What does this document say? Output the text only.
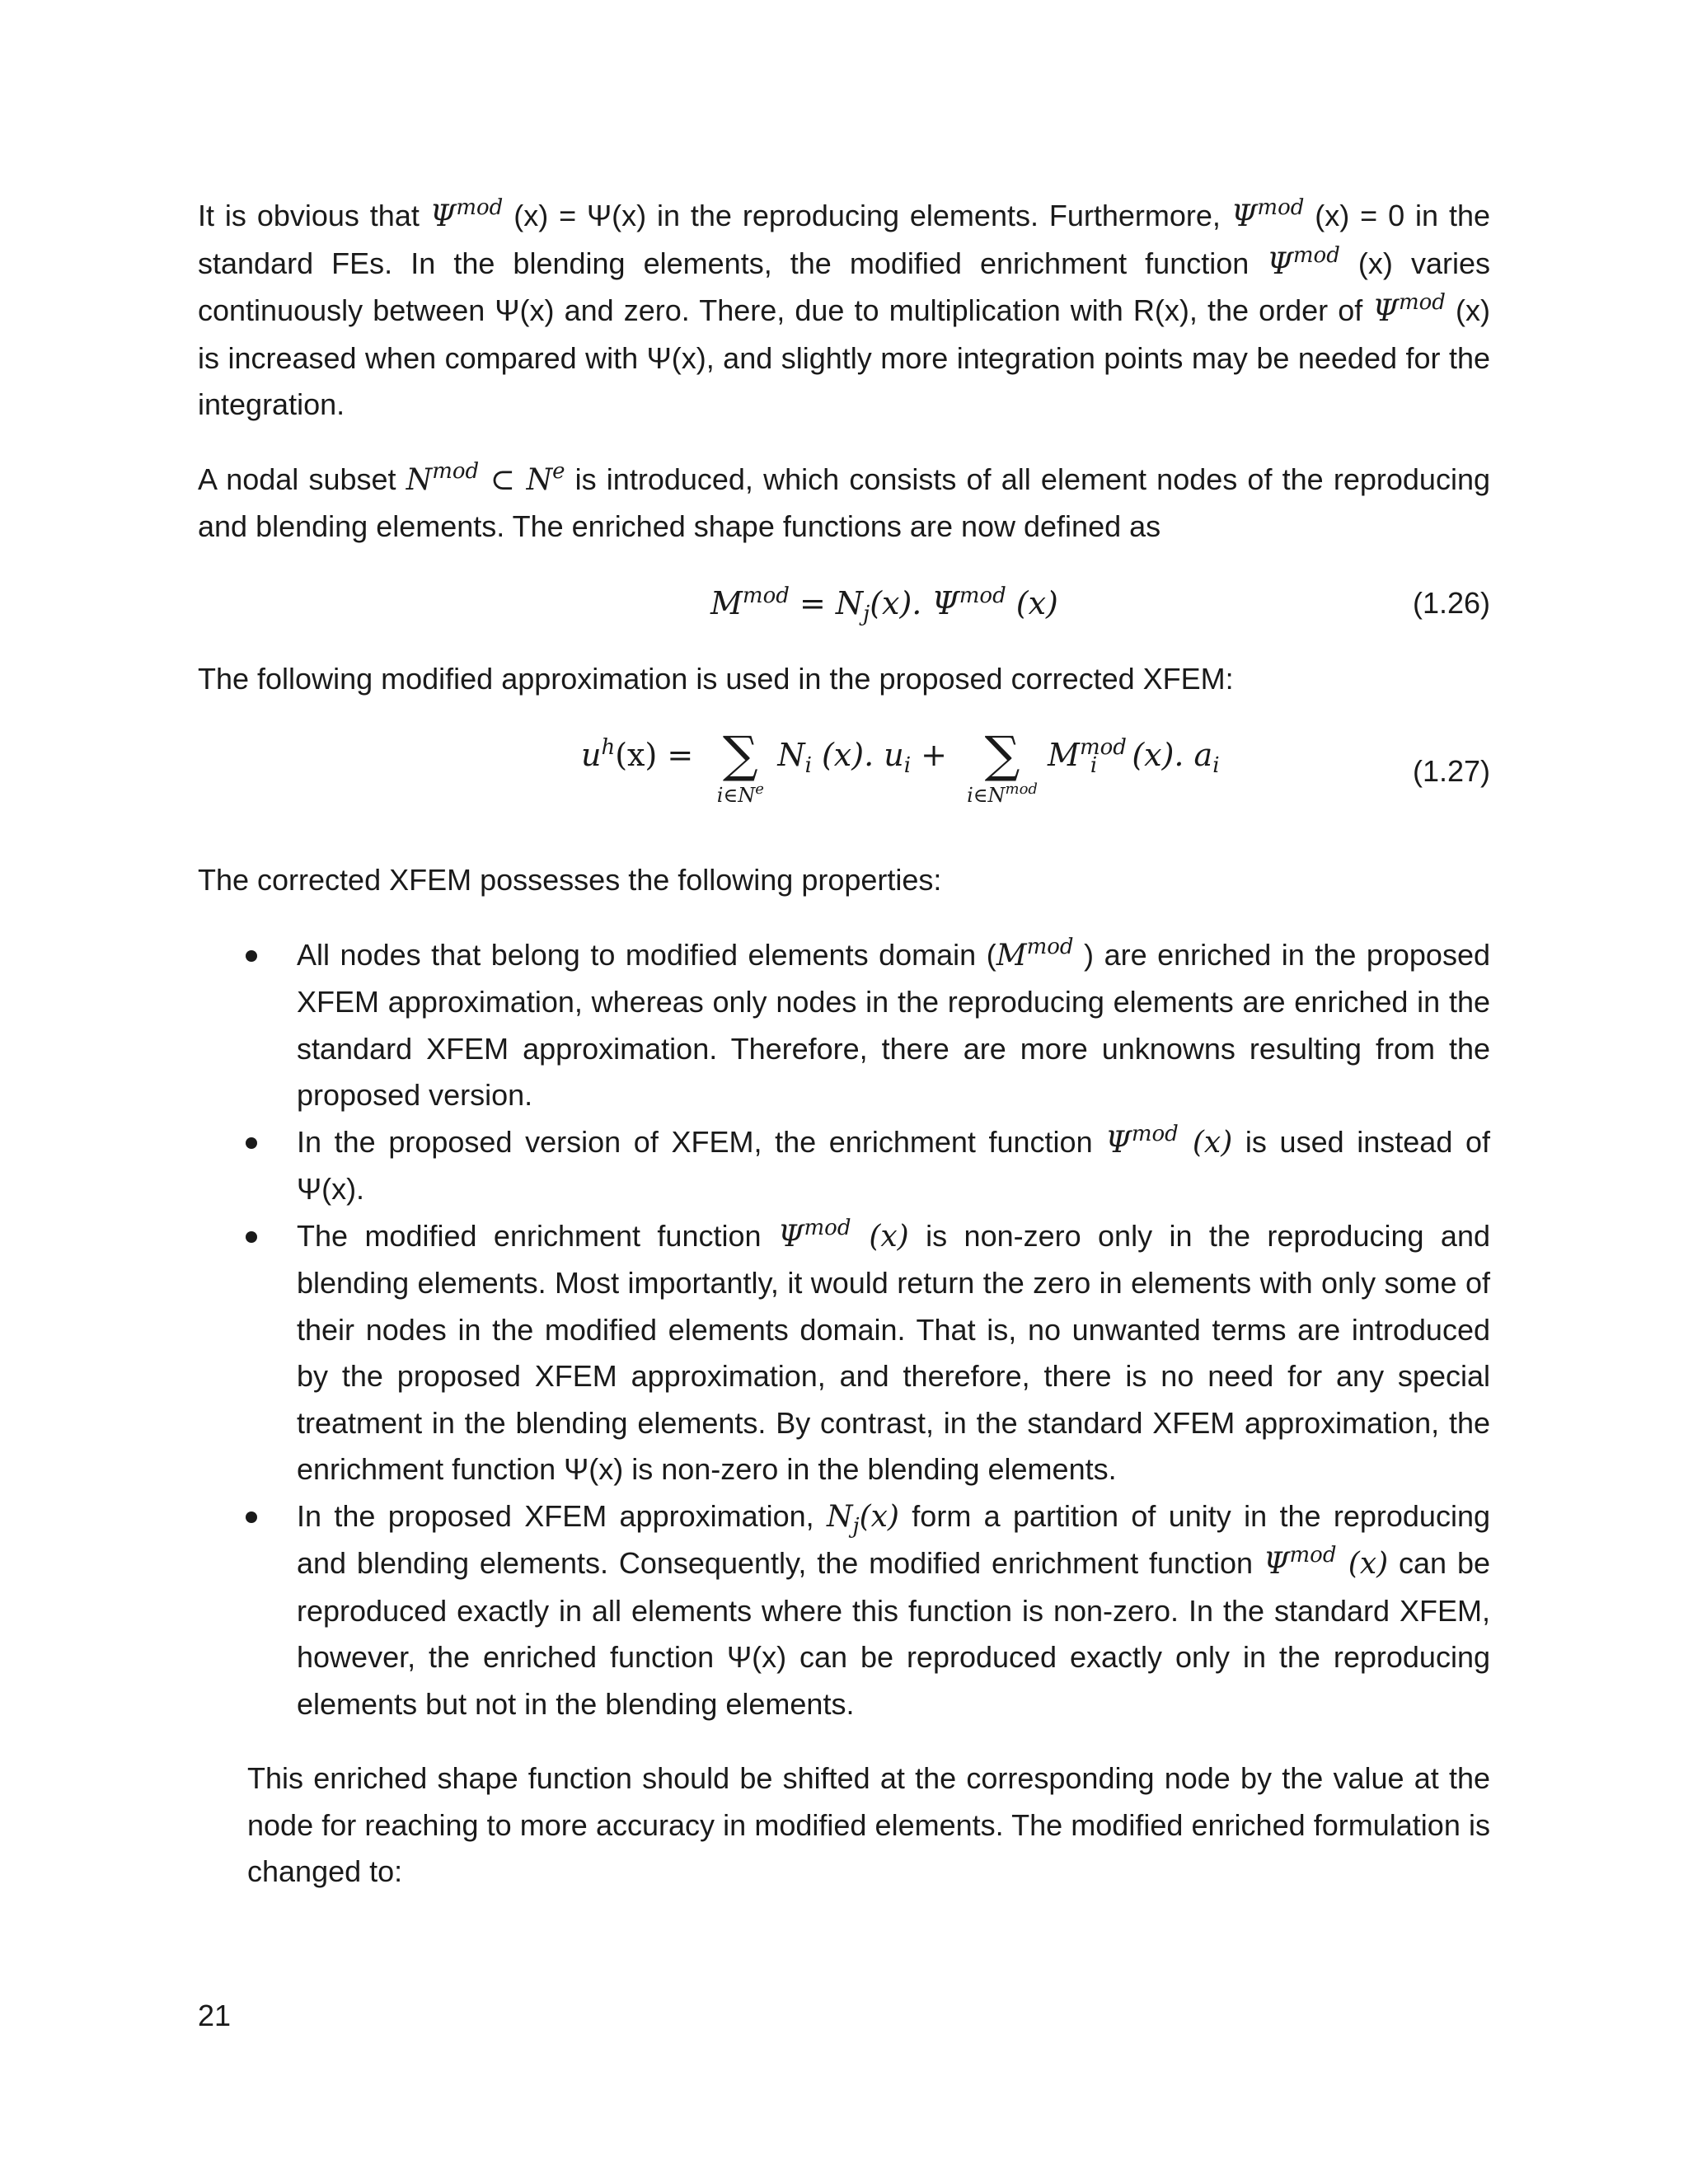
It is obvious that $\Psi^{mod}$ (x) = Ψ(x) in the reproducing elements. Furthermore, $\Psi^{mod}$ (x) = 0 in the standard FEs. In the blending elements, the modified enrichment function $\Psi^{mod}$ (x) varies continuously between Ψ(x) and zero. There, due to multiplication with R(x), the order of $\Psi^{mod}$ (x) is increased when compared with Ψ(x), and slightly more integration points may be needed for the integration.

A nodal subset $N^{mod}$ ⊂ $N^e$ is introduced, which consists of all element nodes of the reproducing and blending elements. The enriched shape functions are now defined as

$M^{mod} = N_j(x)$. $\Psi^{mod}$ (x)	(1.26)

The following modified approximation is used in the proposed corrected XFEM:

$u^h(x)$ = ∑
$i\in N^e$
$N_i$ (x). $u_i$ + ∑
$i\in N^{mod}$
$M^{mod}_i$ (x). $a_i$	(1.27)

The corrected XFEM possesses the following properties:

All nodes that belong to modified elements domain ($M^{mod}$ ) are enriched in the proposed XFEM approximation, whereas only nodes in the reproducing elements are enriched in the standard XFEM approximation. Therefore, there are more unknowns resulting from the proposed version.
In the proposed version of XFEM, the enrichment function $\Psi^{mod}$ (x) is used instead of Ψ(x).
The modified enrichment function $\Psi^{mod}$ (x) is non-zero only in the reproducing and blending elements. Most importantly, it would return the zero in elements with only some of their nodes in the modified elements domain. That is, no unwanted terms are introduced by the proposed XFEM approximation, and therefore, there is no need for any special treatment in the blending elements. By contrast, in the standard XFEM approximation, the enrichment function Ψ(x) is non-zero in the blending elements.
In the proposed XFEM approximation, $N_j(x)$ form a partition of unity in the reproducing and blending elements. Consequently, the modified enrichment function $\Psi^{mod}$ (x) can be reproduced exactly in all elements where this function is non-zero. In the standard XFEM, however, the enriched function Ψ(x) can be reproduced exactly only in the reproducing elements but not in the blending elements.

This enriched shape function should be shifted at the corresponding node by the value at the node for reaching to more accuracy in modified elements. The modified enriched formulation is changed to:

21
